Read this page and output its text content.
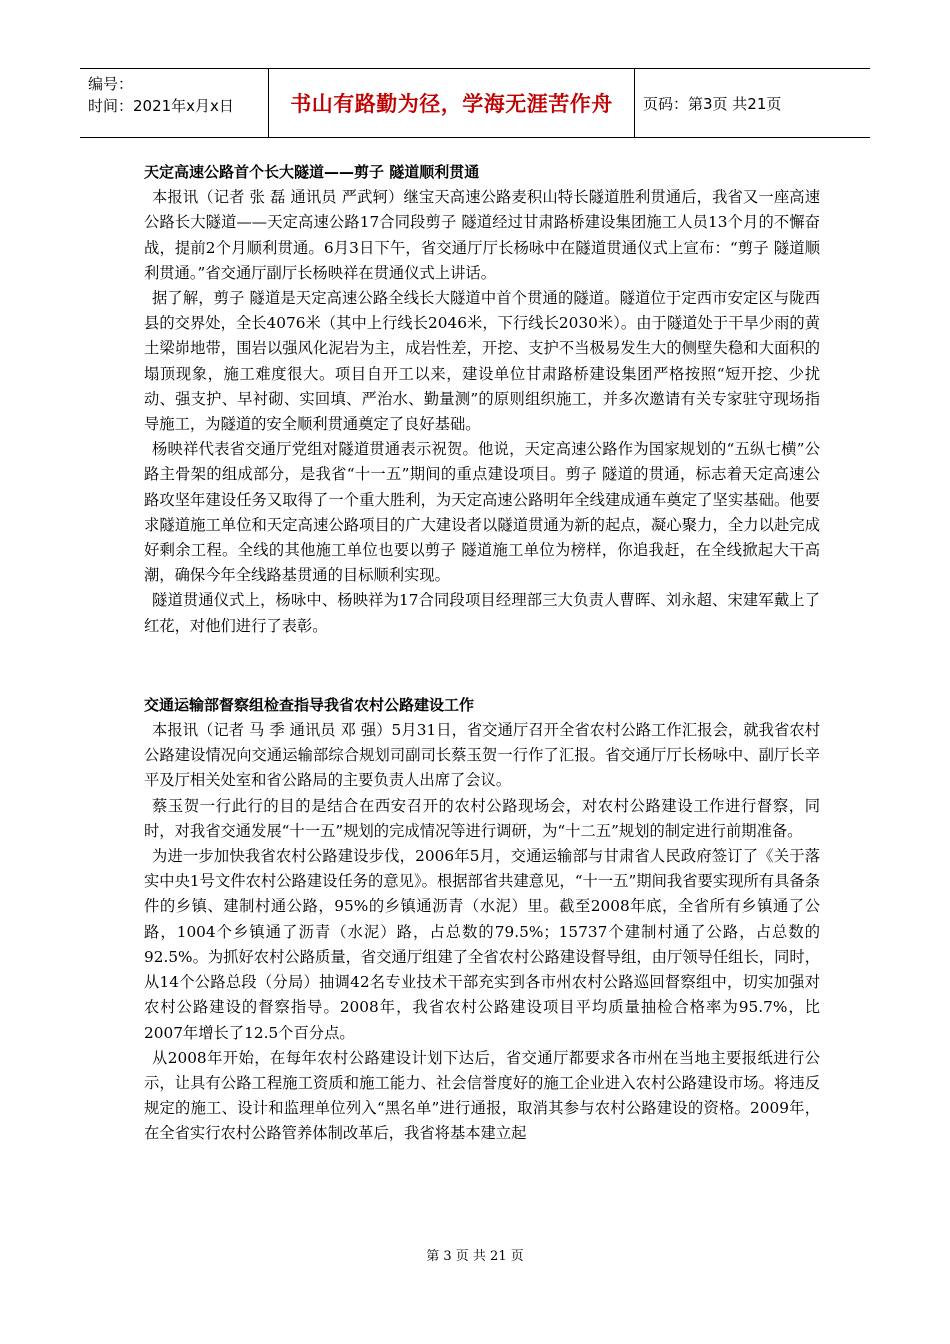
编号：
时间：2021年x月x日	书山有路勤为径，学海无涯苦作舟 页码：第3页 共21页

天定高速公路首个长大隧道——剪子 隧道顺利贯通

本报讯（记者 张 磊 通讯员 严武轲）继宝天高速公路麦积山特长隧道胜利贯通后，我省又一座高速公路长大隧道——天定高速公路17合同段剪子 隧道经过甘肃路桥建设集团施工人员13个月的不懈奋战，提前2个月顺利贯通。6月3日下午，省交通厅厅长杨咏中在隧道贯通仪式上宣布：“剪子 隧道顺利贯通。”省交通厅副厅长杨映祥在贯通仪式上讲话。

据了解，剪子 隧道是天定高速公路全线长大隧道中首个贯通的隧道。隧道位于定西市安定区与陇西县的交界处，全长4076米（其中上行线长2046米，下行线长2030米）。由于隧道处于干旱少雨的黄土梁峁地带，围岩以强风化泥岩为主，成岩性差，开挖、支护不当极易发生大的侧壁失稳和大面积的塌顶现象，施工难度很大。项目自开工以来，建设单位甘肃路桥建设集团严格按照“短开挖、少扰动、强支护、早衬砌、实回填、严治水、勤量测”的原则组织施工，并多次邀请有关专家驻守现场指导施工，为隧道的安全顺利贯通奠定了良好基础。

杨映祥代表省交通厅党组对隧道贯通表示祝贺。他说，天定高速公路作为国家规划的“五纵七横”公路主骨架的组成部分，是我省“十一五”期间的重点建设项目。剪子 隧道的贯通，标志着天定高速公路攻坚年建设任务又取得了一个重大胜利，为天定高速公路明年全线建成通车奠定了坚实基础。他要求隧道施工单位和天定高速公路项目的广大建设者以隧道贯通为新的起点，凝心聚力，全力以赴完成好剩余工程。全线的其他施工单位也要以剪子 隧道施工单位为榜样，你追我赶，在全线掀起大干高潮，确保今年全线路基贯通的目标顺利实现。

隧道贯通仪式上，杨咏中、杨映祥为17合同段项目经理部三大负责人曹晖、刘永超、宋建军戴上了红花，对他们进行了表彰。

交通运输部督察组检查指导我省农村公路建设工作

本报讯（记者 马 季 通讯员 邓 强）5月31日，省交通厅召开全省农村公路工作汇报会，就我省农村公路建设情况向交通运输部综合规划司副司长蔡玉贺一行作了汇报。省交通厅厅长杨咏中、副厅长辛平及厅相关处室和省公路局的主要负责人出席了会议。

蔡玉贺一行此行的目的是结合在西安召开的农村公路现场会，对农村公路建设工作进行督察，同时，对我省交通发展“十一五”规划的完成情况等进行调研，为“十二五”规划的制定进行前期准备。

为进一步加快我省农村公路建设步伐，2006年5月，交通运输部与甘肃省人民政府签订了《关于落实中央1号文件农村公路建设任务的意见》。根据部省共建意见，“十一五”期间我省要实现所有具备条件的乡镇、建制村通公路，95%的乡镇通沥青（水泥）里。截至2008年底，全省所有乡镇通了公路，1004个乡镇通了沥青（水泥）路，占总数的79.5%；15737个建制村通了公路，占总数的92.5%。为抓好农村公路质量，省交通厅组建了全省农村公路建设督导组，由厅领导任组长，同时，从14个公路总段（分局）抽调42名专业技术干部充实到各市州农村公路巡回督察组中，切实加强对农村公路建设的督察指导。2008年，我省农村公路建设项目平均质量抽检合格率为95.7%，比2007年增长了12.5个百分点。

从2008年开始，在每年农村公路建设计划下达后，省交通厅都要求各市州在当地主要报纸进行公示，让具有公路工程施工资质和施工能力、社会信誉度好的施工企业进入农村公路建设市场。将违反规定的施工、设计和监理单位列入“黑名单”进行通报，取消其参与农村公路建设的资格。2009年，在全省实行农村公路管养体制改革后，我省将基本建立起

第 3 页 共 21 页
